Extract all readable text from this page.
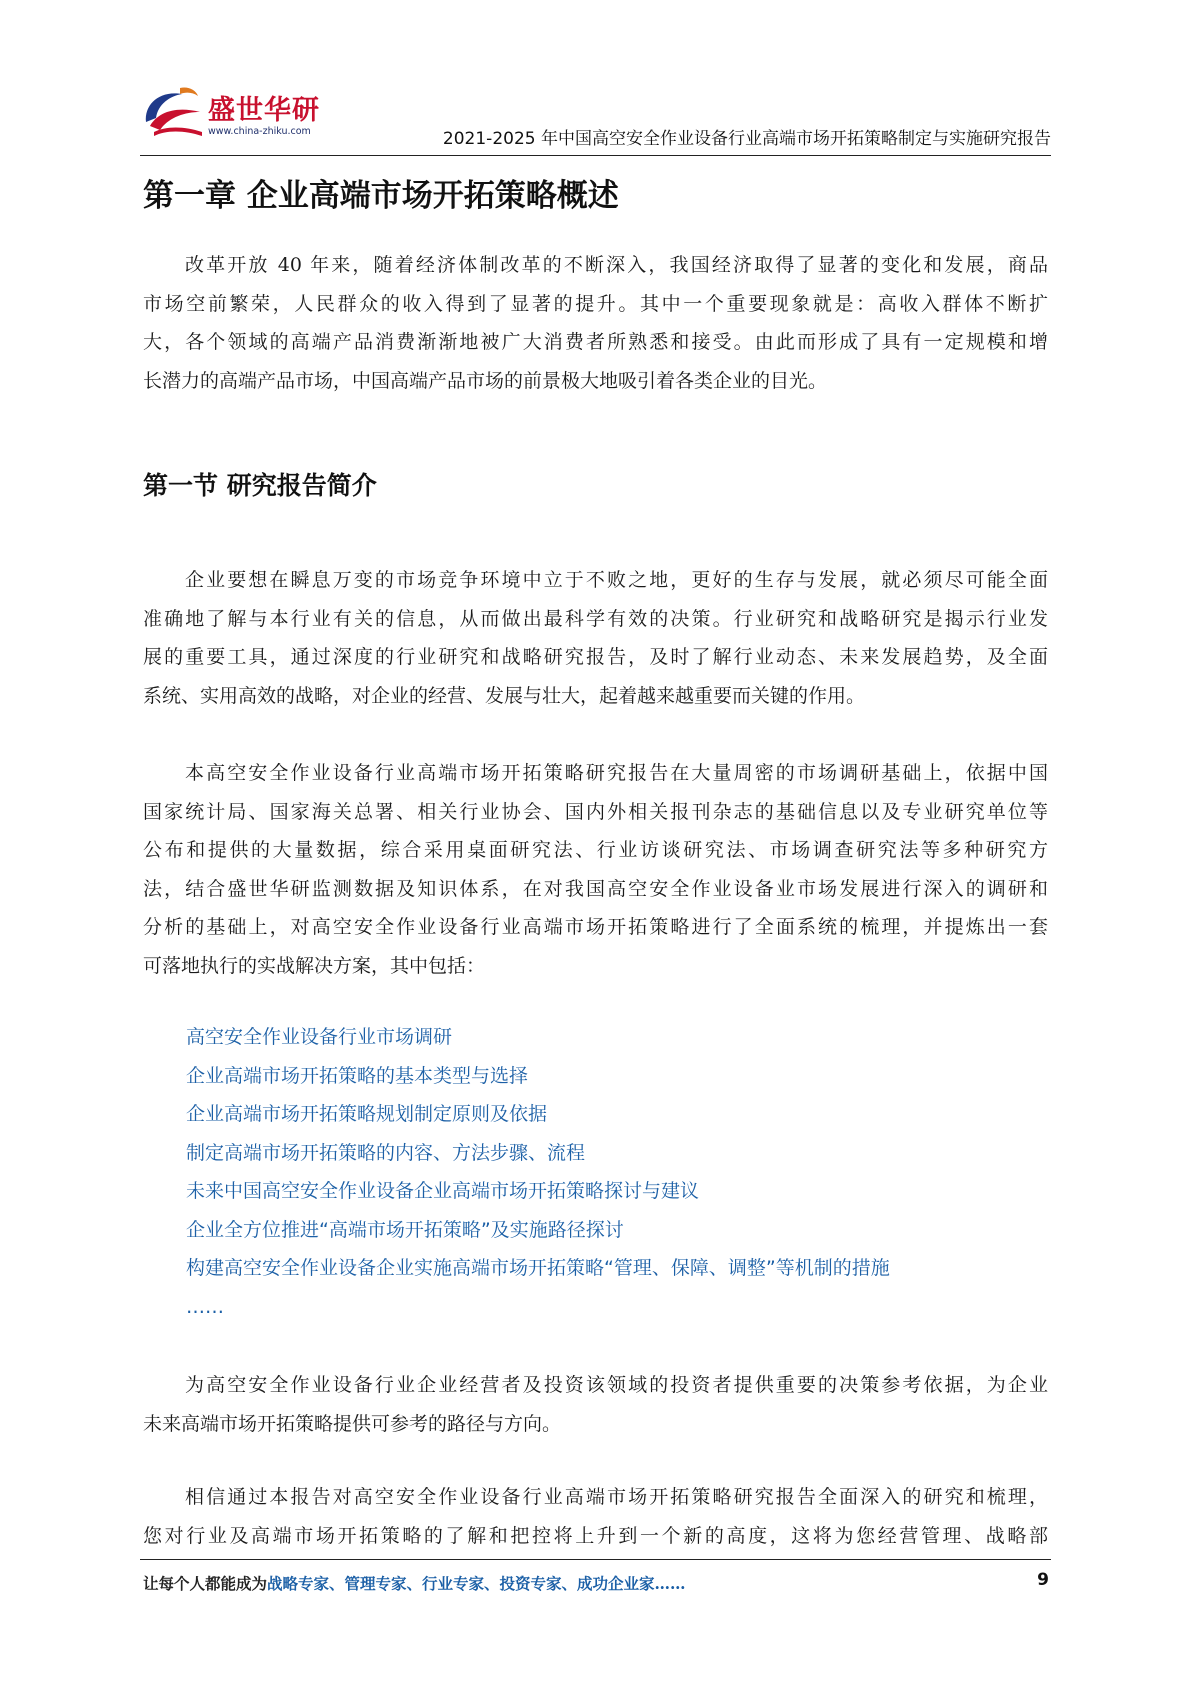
盛世华研
www.china-zhiku.com	2021-2025 年中国高空安全作业设备行业高端市场开拓策略制定与实施研究报告
第一章 企业高端市场开拓策略概述
改革开放 40 年来，随着经济体制改革的不断深入，我国经济取得了显著的变化和发展，商品
市场空前繁荣，人民群众的收入得到了显著的提升。其中一个重要现象就是：高收入群体不断扩
大，各个领域的高端产品消费渐渐地被广大消费者所熟悉和接受。由此而形成了具有一定规模和增
长潜力的高端产品市场，中国高端产品市场的前景极大地吸引着各类企业的目光。
第一节 研究报告简介
企业要想在瞬息万变的市场竞争环境中立于不败之地，更好的生存与发展，就必须尽可能全面
准确地了解与本行业有关的信息，从而做出最科学有效的决策。行业研究和战略研究是揭示行业发
展的重要工具，通过深度的行业研究和战略研究报告，及时了解行业动态、未来发展趋势，及全面
系统、实用高效的战略，对企业的经营、发展与壮大，起着越来越重要而关键的作用。
本高空安全作业设备行业高端市场开拓策略研究报告在大量周密的市场调研基础上，依据中国
国家统计局、国家海关总署、相关行业协会、国内外相关报刊杂志的基础信息以及专业研究单位等
公布和提供的大量数据，综合采用桌面研究法、行业访谈研究法、市场调查研究法等多种研究方
法，结合盛世华研监测数据及知识体系，在对我国高空安全作业设备业市场发展进行深入的调研和
分析的基础上，对高空安全作业设备行业高端市场开拓策略进行了全面系统的梳理，并提炼出一套
可落地执行的实战解决方案，其中包括：
高空安全作业设备行业市场调研
企业高端市场开拓策略的基本类型与选择
企业高端市场开拓策略规划制定原则及依据
制定高端市场开拓策略的内容、方法步骤、流程
未来中国高空安全作业设备企业高端市场开拓策略探讨与建议
企业全方位推进“高端市场开拓策略”及实施路径探讨
构建高空安全作业设备企业实施高端市场开拓策略“管理、保障、调整”等机制的措施
……
为高空安全作业设备行业企业经营者及投资该领域的投资者提供重要的决策参考依据，为企业
未来高端市场开拓策略提供可参考的路径与方向。
相信通过本报告对高空安全作业设备行业高端市场开拓策略研究报告全面深入的研究和梳理，
您对行业及高端市场开拓策略的了解和把控将上升到一个新的高度，这将为您经营管理、战略部
让每个人都能成为战略专家、管理专家、行业专家、投资专家、成功企业家……	9
